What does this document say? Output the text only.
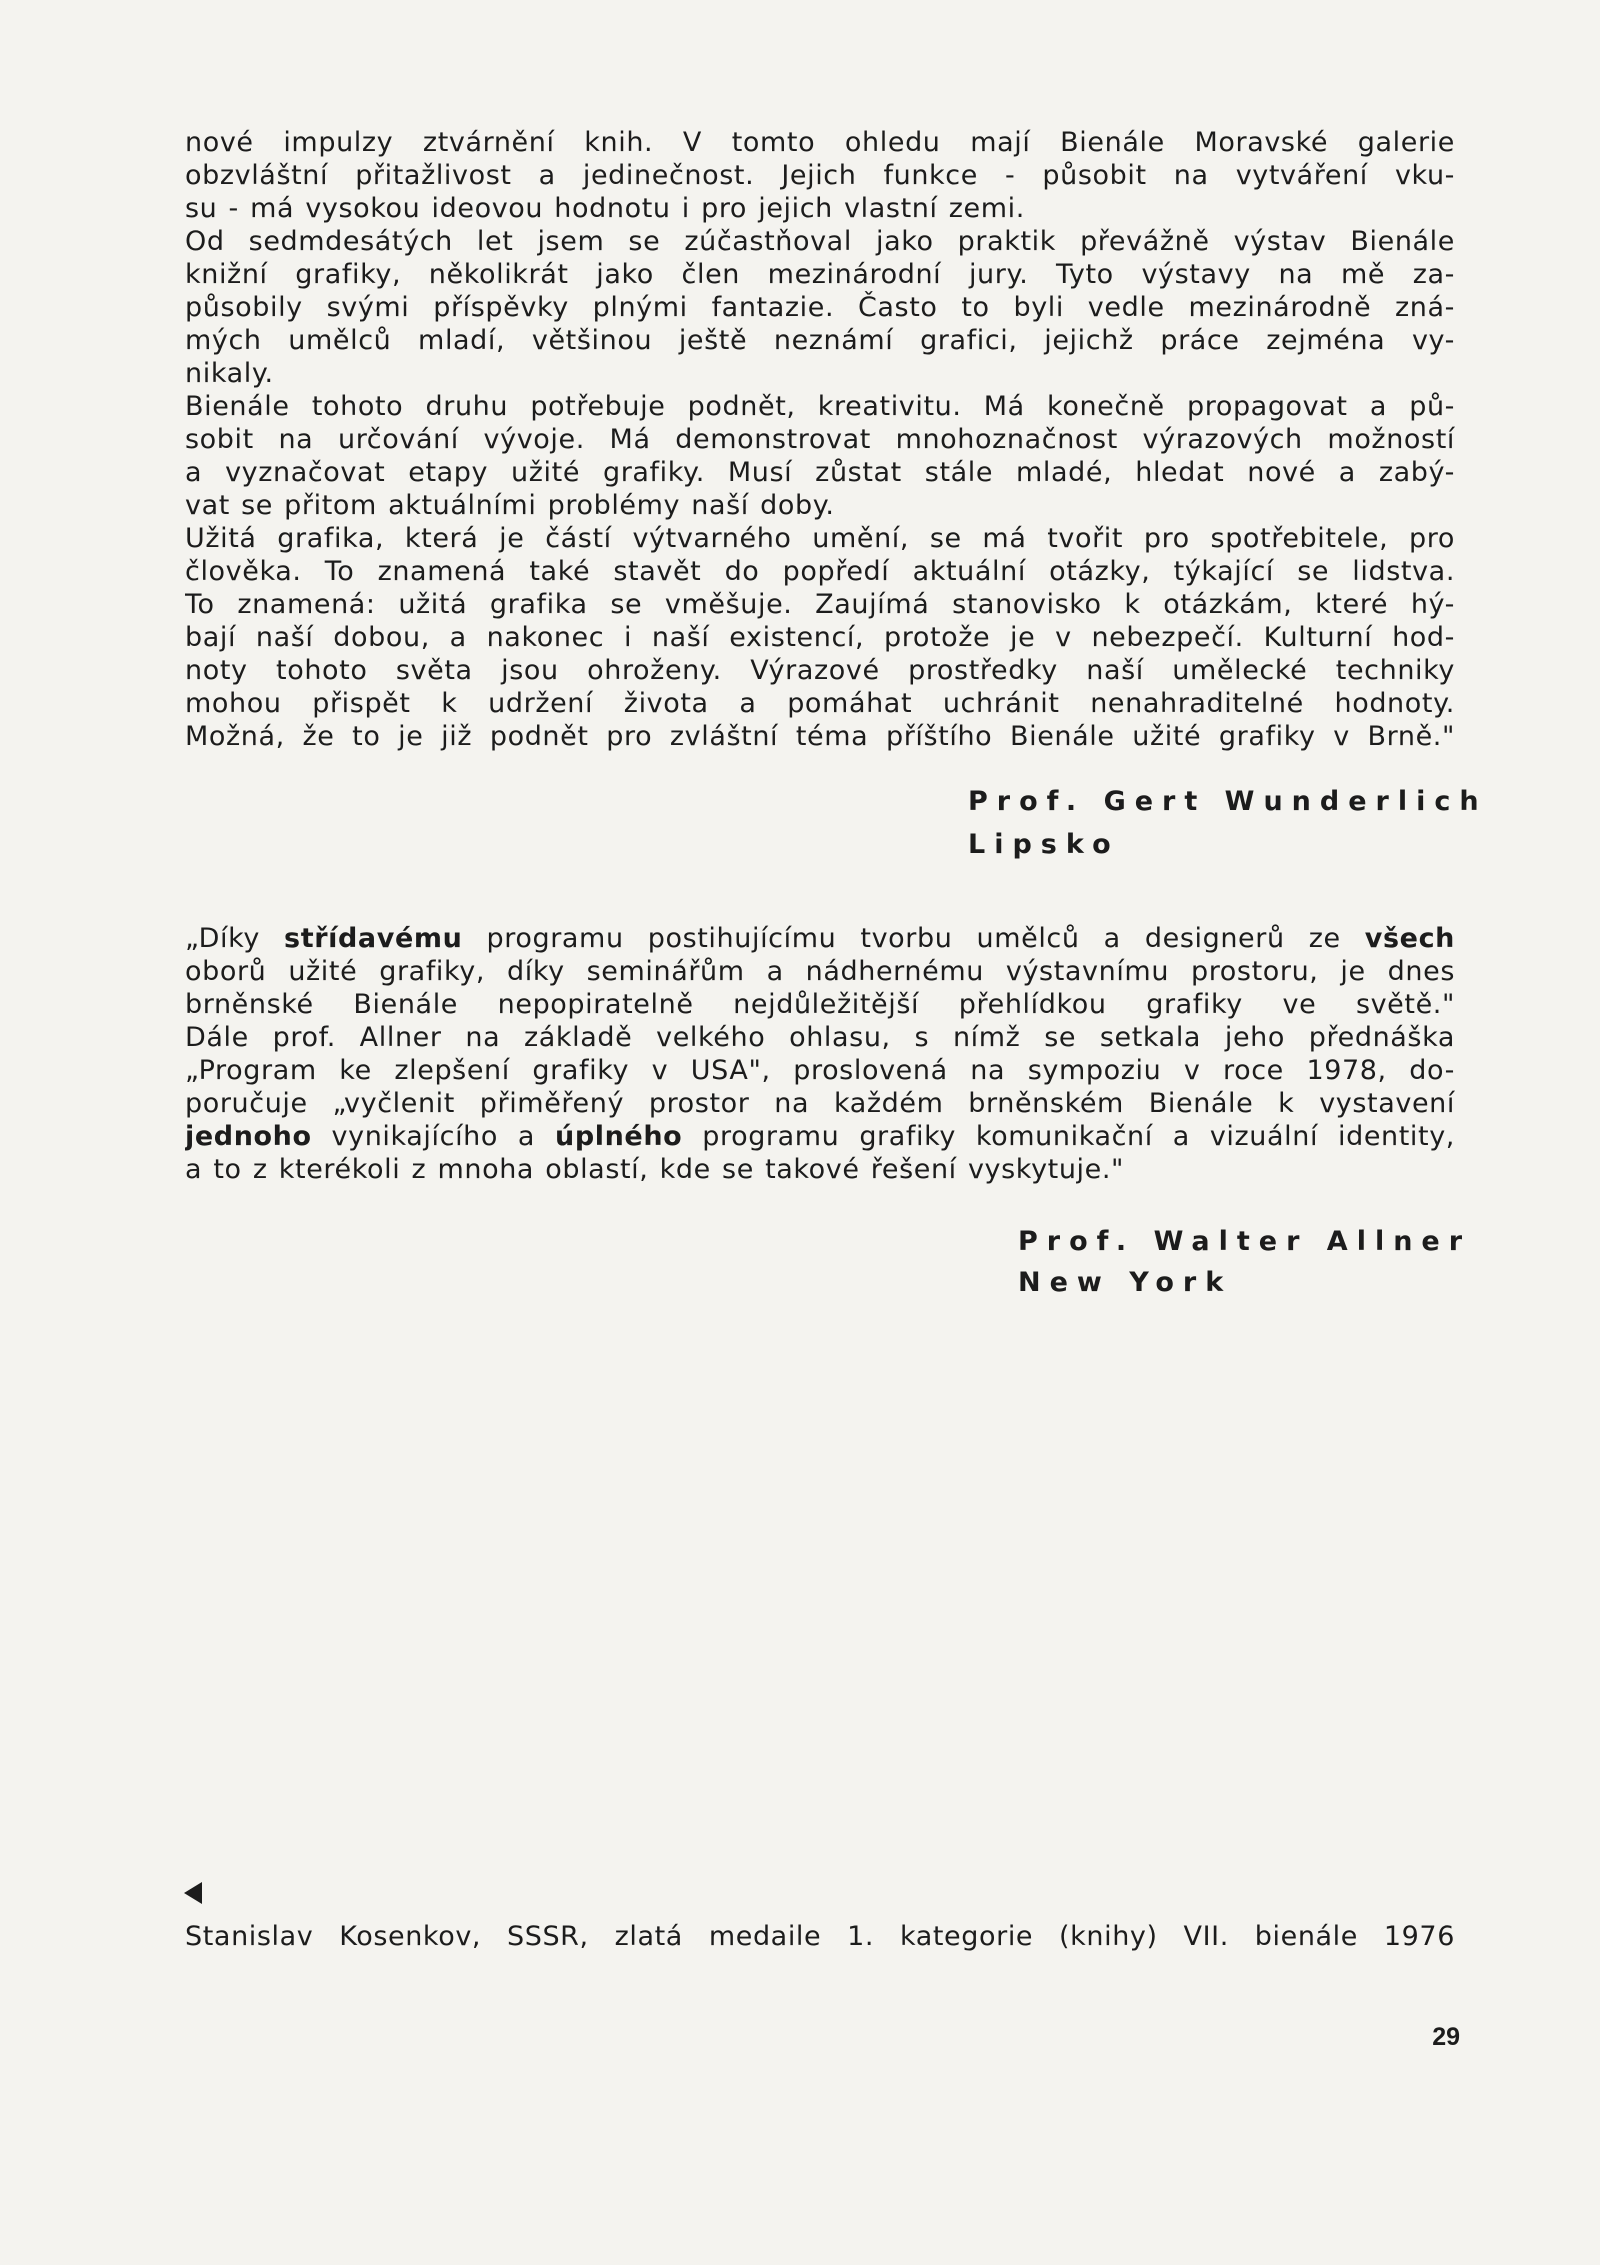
nové impulzy ztvárnění knih. V tomto ohledu mají Bienále Moravské galerie
obzvláštní přitažlivost a jedinečnost. Jejich funkce - působit na vytváření vku-
su - má vysokou ideovou hodnotu i pro jejich vlastní zemi.
Od sedmdesátých let jsem se zúčastňoval jako praktik převážně výstav Bienále
knižní grafiky, několikrát jako člen mezinárodní jury. Tyto výstavy na mě za-
působily svými příspěvky plnými fantazie. Často to byli vedle mezinárodně zná-
mých umělců mladí, většinou ještě neznámí grafici, jejichž práce zejména vy-
nikaly.
Bienále tohoto druhu potřebuje podnět, kreativitu. Má konečně propagovat a pů-
sobit na určování vývoje. Má demonstrovat mnohoznačnost výrazových možností
a vyznačovat etapy užité grafiky. Musí zůstat stále mladé, hledat nové a zabý-
vat se přitom aktuálními problémy naší doby.
Užitá grafika, která je částí výtvarného umění, se má tvořit pro spotřebitele, pro
člověka. To znamená také stavět do popředí aktuální otázky, týkající se lidstva.
To znamená: užitá grafika se vměšuje. Zaujímá stanovisko k otázkám, které hý-
bají naší dobou, a nakonec i naší existencí, protože je v nebezpečí. Kulturní hod-
noty tohoto světa jsou ohroženy. Výrazové prostředky naší umělecké techniky
mohou přispět k udržení života a pomáhat uchránit nenahraditelné hodnoty.
Možná, že to je již podnět pro zvláštní téma příštího Bienále užité grafiky v Brně."
Prof. Gert Wunderlich
Lipsko
„Díky střídavému programu postihujícímu tvorbu umělců a designerů ze všech
oborů užité grafiky, díky seminářům a nádhernému výstavnímu prostoru, je dnes
brněnské Bienále nepopiratelně nejdůležitější přehlídkou grafiky ve světě."
Dále prof. Allner na základě velkého ohlasu, s nímž se setkala jeho přednáška
„Program ke zlepšení grafiky v USA", proslovená na sympoziu v roce 1978, do-
poručuje „vyčlenit přiměřený prostor na každém brněnském Bienále k vystavení
jednoho vynikajícího a úplného programu grafiky komunikační a vizuální identity,
a to z kterékoli z mnoha oblastí, kde se takové řešení vyskytuje."
Prof. Walter Allner
New York
Stanislav Kosenkov, SSSR, zlatá medaile 1. kategorie (knihy) VII. bienále 1976
29
